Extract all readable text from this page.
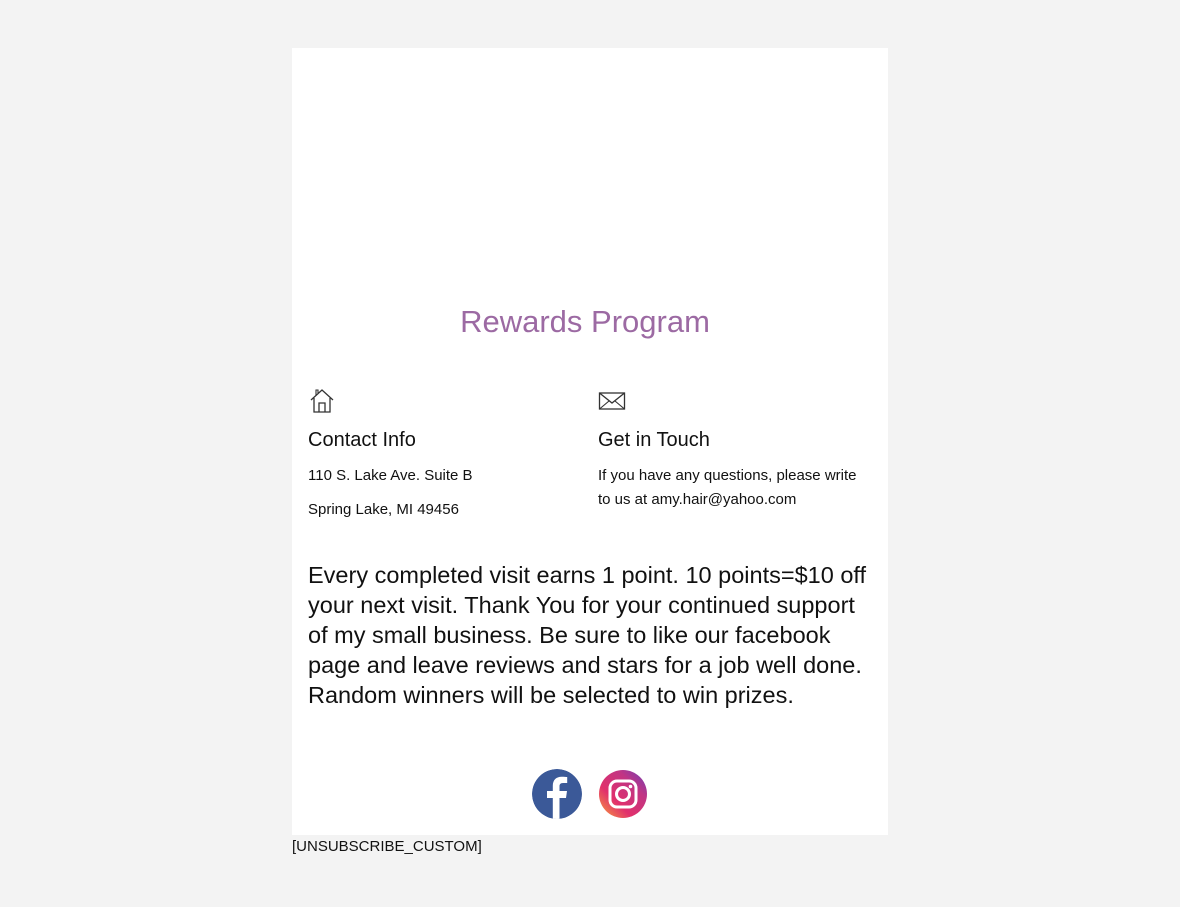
Rewards Program
Contact Info
110 S. Lake Ave. Suite B
Spring Lake, MI 49456
Get in Touch
If you have any questions, please write to us at amy.hair@yahoo.com
Every completed visit earns 1 point. 10 points=$10 off your next visit. Thank You for your continued support of my small business. Be sure to like our facebook page and leave reviews and stars for a job well done. Random winners will be selected to win prizes.
[UNSUBSCRIBE_CUSTOM]
